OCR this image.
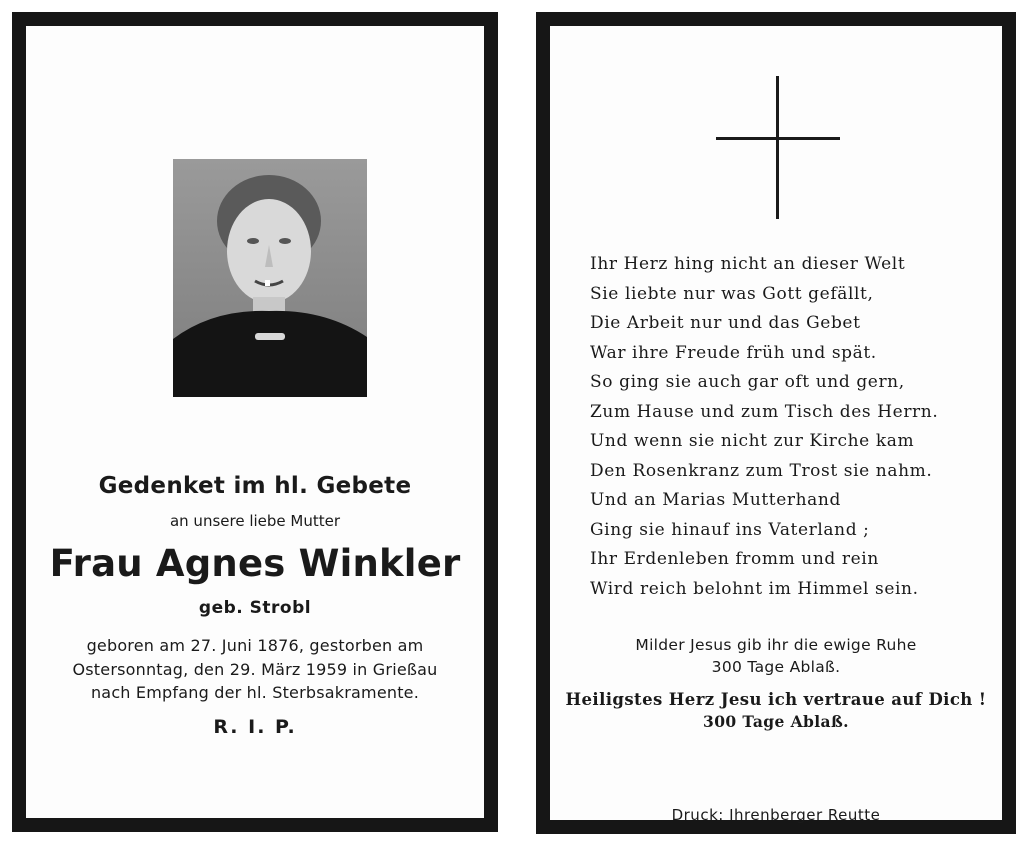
Gedenket im hl. Gebete
an unsere liebe Mutter
Frau Agnes Winkler
geb. Strobl
geboren am 27. Juni 1876, gestorben am
Ostersonntag, den 29. März 1959 in Grießau
nach Empfang der hl. Sterbsakramente.
R. I. P.
Ihr Herz hing nicht an dieser Welt
Sie liebte nur was Gott gefällt,
Die Arbeit nur und das Gebet
War ihre Freude früh und spät.
So ging sie auch gar oft und gern,
Zum Hause und zum Tisch des Herrn.
Und wenn sie nicht zur Kirche kam
Den Rosenkranz zum Trost sie nahm.
Und an Marias Mutterhand
Ging sie hinauf ins Vaterland ;
Ihr Erdenleben fromm und rein
Wird reich belohnt im Himmel sein.
Milder Jesus gib ihr die ewige Ruhe
300 Tage Ablaß.
Heiligstes Herz Jesu ich vertraue auf Dich !
300 Tage Ablaß.
Druck: Ihrenberger Reutte
